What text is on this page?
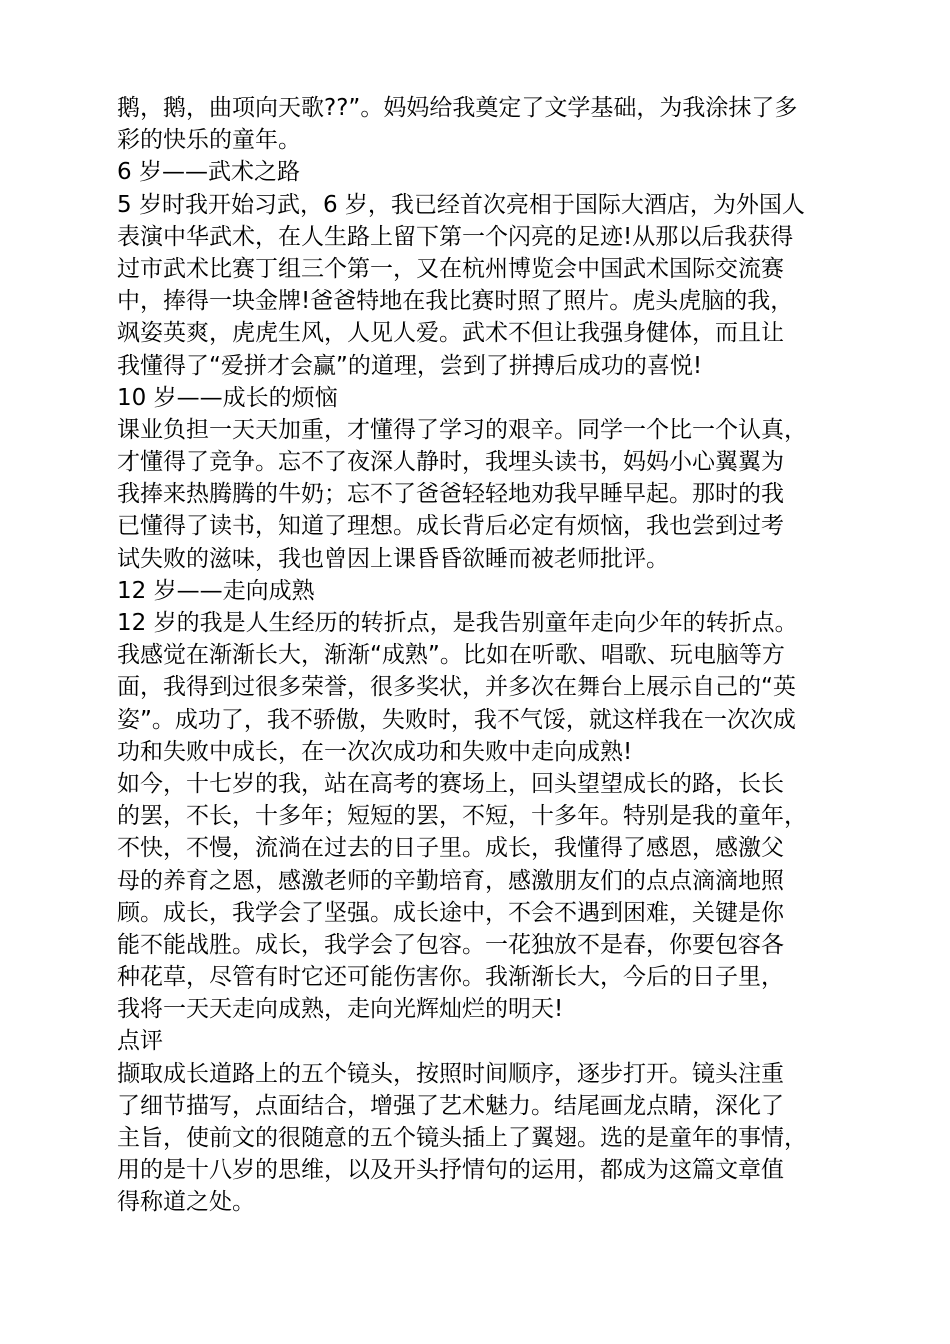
鹅，鹅，曲项向天歌??”。妈妈给我奠定了文学基础，为我涂抹了多
彩的快乐的童年。
6 岁——武术之路
5 岁时我开始习武，6 岁，我已经首次亮相于国际大酒店，为外国人
表演中华武术，在人生路上留下第一个闪亮的足迹!从那以后我获得
过市武术比赛丁组三个第一，又在杭州博览会中国武术国际交流赛
中，捧得一块金牌!爸爸特地在我比赛时照了照片。虎头虎脑的我，
飒姿英爽，虎虎生风，人见人爱。武术不但让我强身健体，而且让
我懂得了“爱拼才会赢”的道理，尝到了拼搏后成功的喜悦!
10 岁——成长的烦恼
课业负担一天天加重，才懂得了学习的艰辛。同学一个比一个认真，
才懂得了竞争。忘不了夜深人静时，我埋头读书，妈妈小心翼翼为
我捧来热腾腾的牛奶；忘不了爸爸轻轻地劝我早睡早起。那时的我
已懂得了读书，知道了理想。成长背后必定有烦恼，我也尝到过考
试失败的滋味，我也曾因上课昏昏欲睡而被老师批评。
12 岁——走向成熟
12 岁的我是人生经历的转折点，是我告别童年走向少年的转折点。
我感觉在渐渐长大，渐渐“成熟”。比如在听歌、唱歌、玩电脑等方
面，我得到过很多荣誉，很多奖状，并多次在舞台上展示自己的“英
姿”。成功了，我不骄傲，失败时，我不气馁，就这样我在一次次成
功和失败中成长，在一次次成功和失败中走向成熟!
如今，十七岁的我，站在高考的赛场上，回头望望成长的路，长长
的罢，不长，十多年；短短的罢，不短，十多年。特别是我的童年，
不快，不慢，流淌在过去的日子里。成长，我懂得了感恩，感激父
母的养育之恩，感激老师的辛勤培育，感激朋友们的点点滴滴地照
顾。成长，我学会了坚强。成长途中，不会不遇到困难，关键是你
能不能战胜。成长，我学会了包容。一花独放不是春，你要包容各
种花草，尽管有时它还可能伤害你。我渐渐长大，今后的日子里，
我将一天天走向成熟，走向光辉灿烂的明天!
点评
撷取成长道路上的五个镜头，按照时间顺序，逐步打开。镜头注重
了细节描写，点面结合，增强了艺术魅力。结尾画龙点睛，深化了
主旨，使前文的很随意的五个镜头插上了翼翅。选的是童年的事情，
用的是十八岁的思维，以及开头抒情句的运用，都成为这篇文章值
得称道之处。
